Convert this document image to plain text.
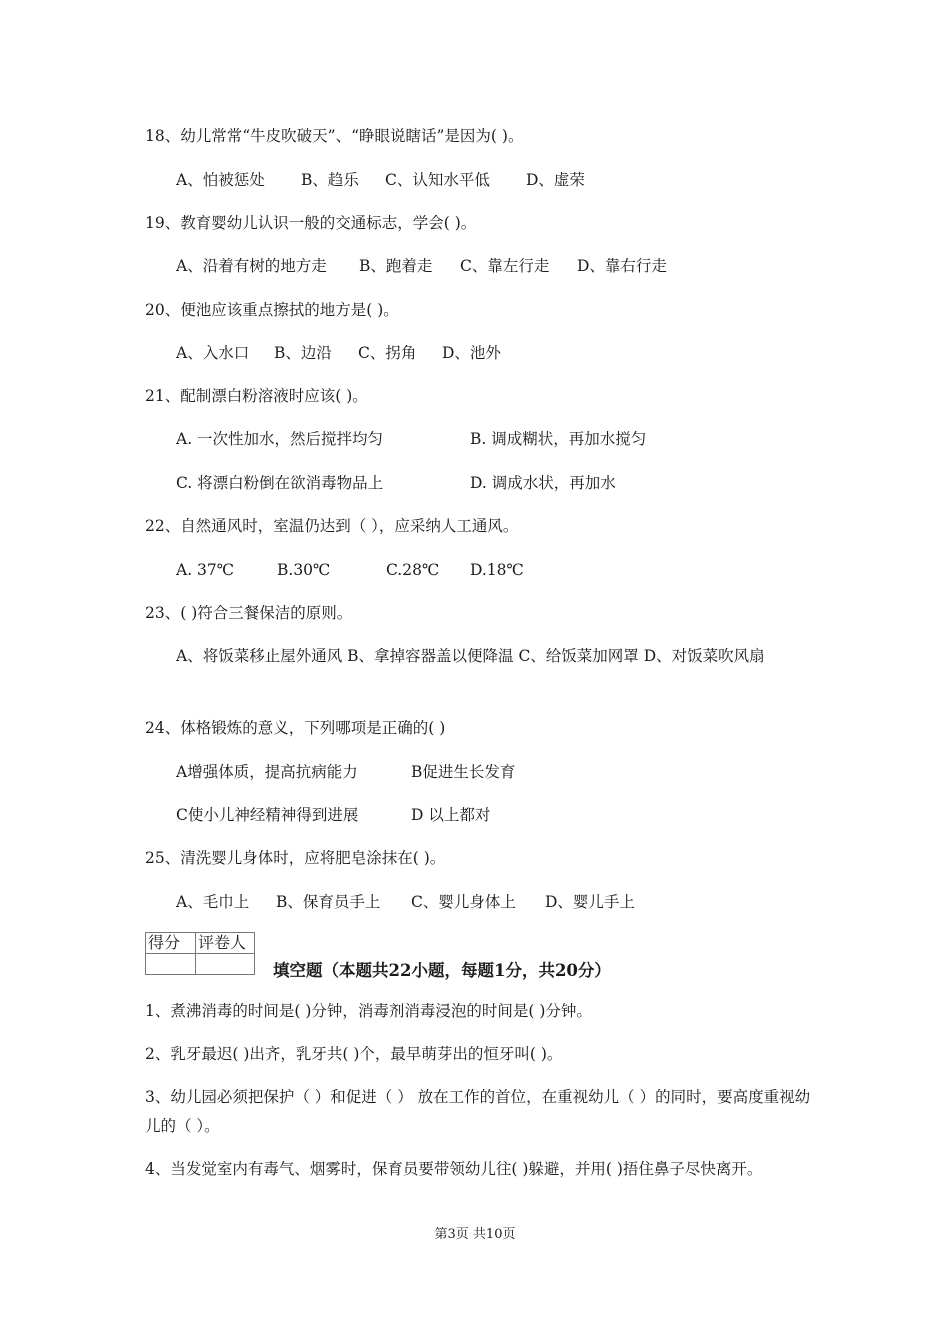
18、幼儿常常“牛皮吹破天”、“睁眼说瞎话”是因为( )。
A、怕被惩处 B、趋乐 C、认知水平低 D、虚荣
19、教育婴幼儿认识一般的交通标志，学会( )。
A、沿着有树的地方走 B、跑着走 C、靠左行走 D、靠右行走
20、便池应该重点擦拭的地方是( )。
A、入水口 B、边沿 C、拐角 D、池外
21、配制漂白粉溶液时应该( )。
A. 一次性加水，然后搅拌均匀	B. 调成糊状，再加水搅匀
C. 将漂白粉倒在欲消毒物品上	D. 调成水状，再加水
22、自然通风时，室温仍达到（ ），应采纳人工通风。
A. 37℃	B.30℃	C.28℃ D.18℃
23、( )符合三餐保洁的原则。
A、将饭菜移止屋外通风 B、拿掉容器盖以便降温 C、给饭菜加网罩 D、对饭菜吹风扇
24、体格锻炼的意义，下列哪项是正确的( )
A增强体质，提高抗病能力	B促进生长发育
C使小儿神经精神得到进展	D 以上都对
25、清洗婴儿身体时，应将肥皂涂抹在( )。
A、毛巾上 B、保育员手上 C、婴儿身体上 D、婴儿手上
得分	评卷人

填空题（本题共22小题，每题1分，共20分）
1、煮沸消毒的时间是( )分钟，消毒剂消毒浸泡的时间是( )分钟。
2、乳牙最迟( )出齐，乳牙共( )个，最早萌芽出的恒牙叫( )。
3、幼儿园必须把保护（ ）和促进（ ） 放在工作的首位，在重视幼儿（ ）的同时，要高度重视幼儿的（ ）。
4、当发觉室内有毒气、烟雾时，保育员要带领幼儿往( )躲避，并用( )捂住鼻子尽快离开。
第3页 共10页
